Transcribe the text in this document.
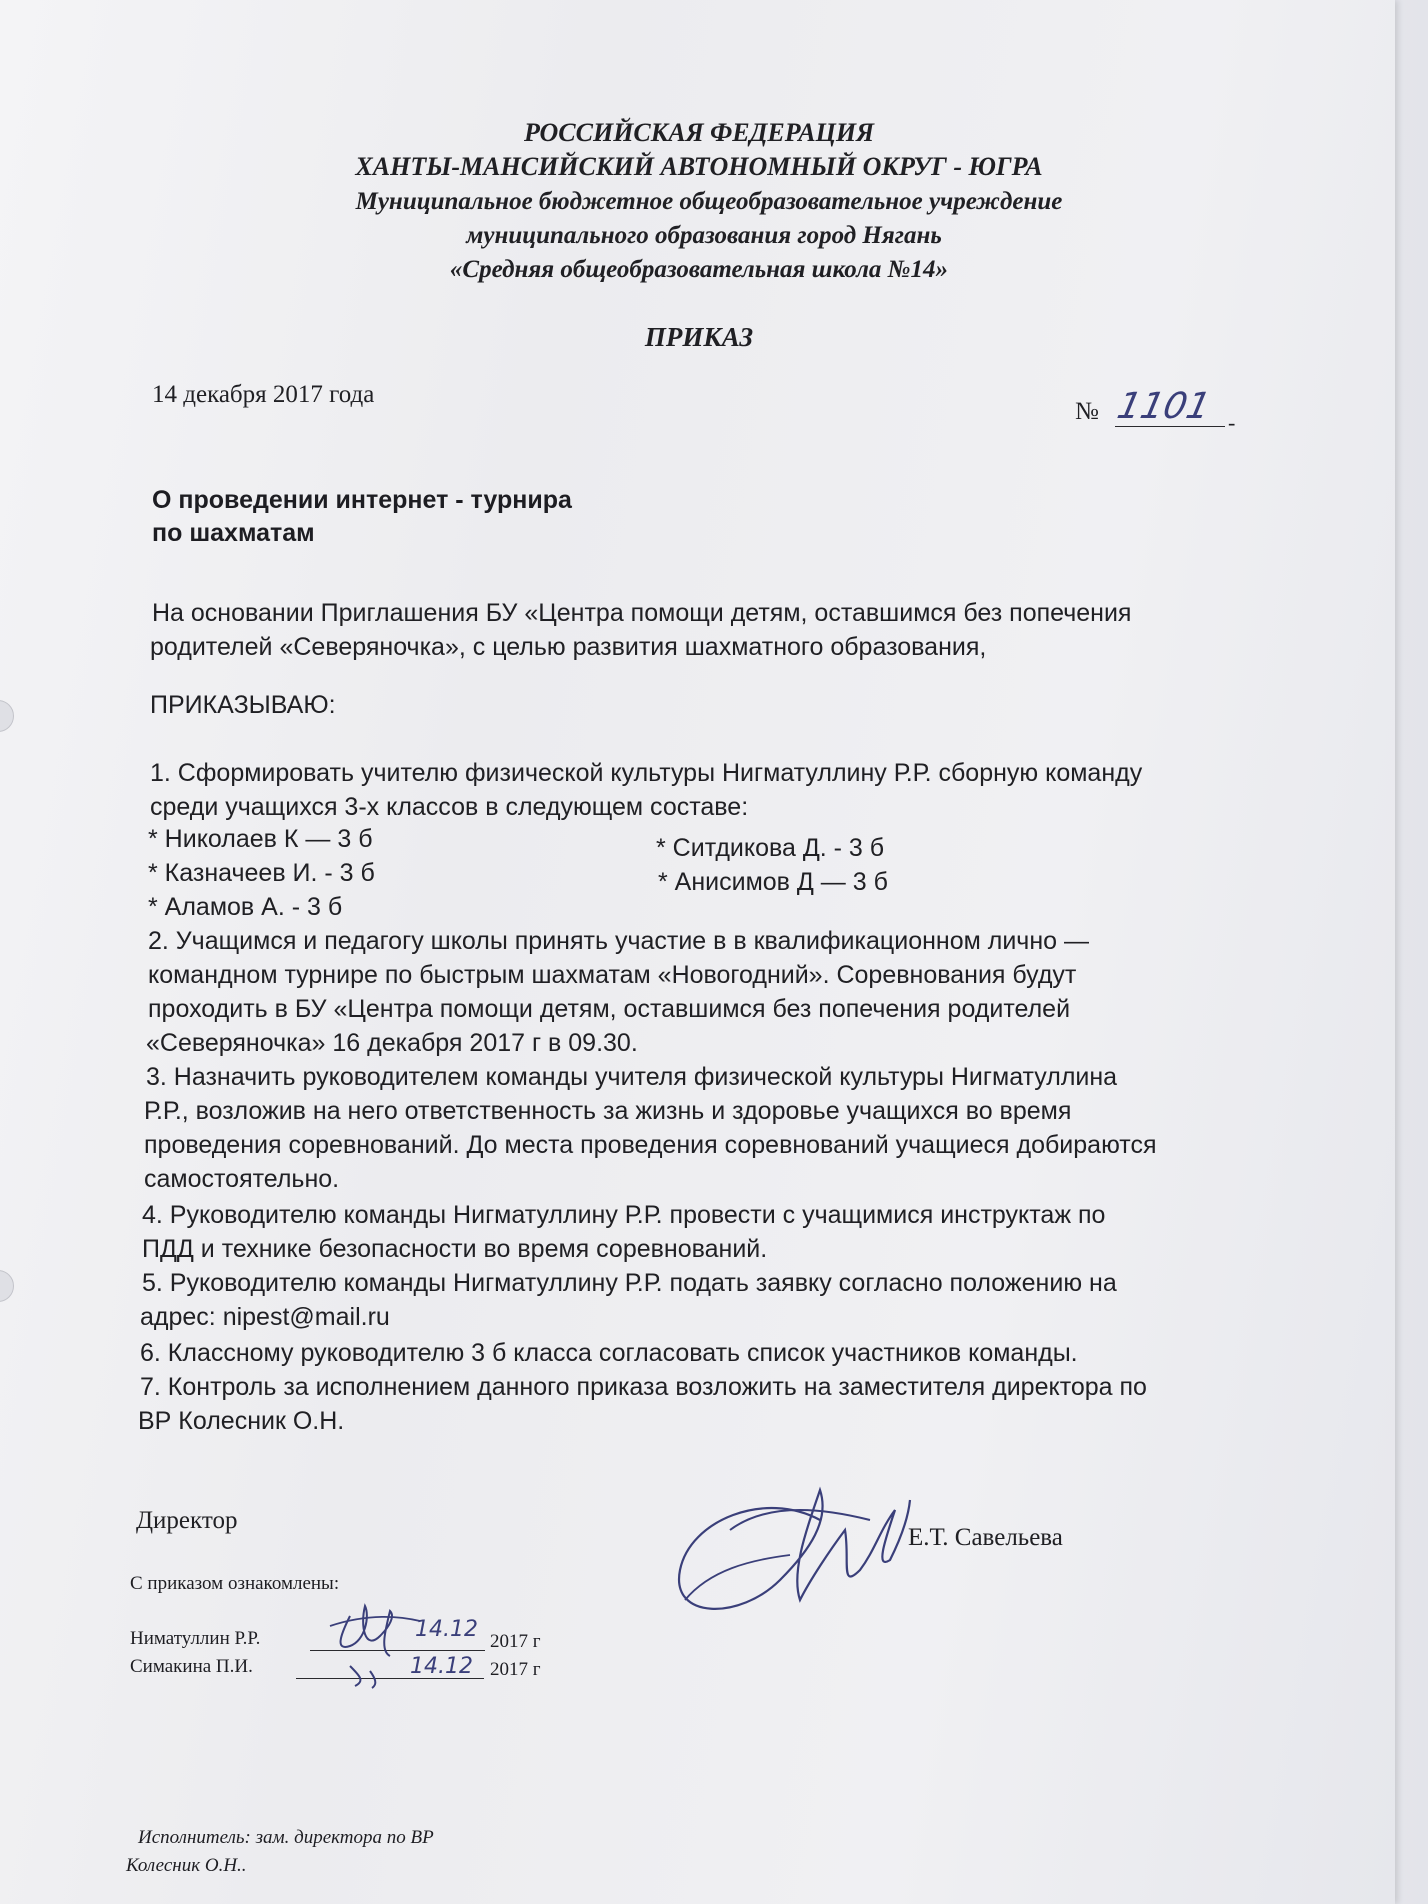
РОССИЙСКАЯ ФЕДЕРАЦИЯ
ХАНТЫ-МАНСИЙСКИЙ АВТОНОМНЫЙ ОКРУГ - ЮГРА
Муниципальное бюджетное общеобразовательное учреждение
муниципального образования город Нягань
«Средняя общеобразовательная школа №14»
ПРИКАЗ
14 декабря 2017 года
№ 1101 -
О проведении интернет - турнира
по шахматам
На основании Приглашения БУ «Центра помощи детям, оставшимся без попечения
родителей «Северяночка», с целью развития шахматного образования,
ПРИКАЗЫВАЮ:
1. Сформировать учителю физической культуры Нигматуллину Р.Р. сборную команду
среди учащихся 3-х классов в следующем составе:
* Николаев К — 3 б
* Казначеев И. - 3 б
* Аламов А. - 3 б
* Ситдикова Д. - 3 б
* Анисимов Д — 3 б
2. Учащимся и педагогу школы принять участие в в квалификационном лично —
командном турнире по быстрым шахматам «Новогодний». Соревнования будут
проходить в БУ «Центра помощи детям, оставшимся без попечения родителей
«Северяночка» 16 декабря 2017 г в 09.30.
3. Назначить руководителем команды учителя физической культуры Нигматуллина
Р.Р., возложив на него ответственность за жизнь и здоровье учащихся во время
проведения соревнований. До места проведения соревнований учащиеся добираются
самостоятельно.
4. Руководителю команды Нигматуллину Р.Р. провести с учащимися инструктаж по
ПДД и технике безопасности во время соревнований.
5. Руководителю команды Нигматуллину Р.Р. подать заявку согласно положению на
адрес: nipest@mail.ru
6. Классному руководителю 3 б класса согласовать список участников команды.
7. Контроль за исполнением данного приказа возложить на заместителя директора по
ВР Колесник О.Н.
Директор
Е.Т. Савельева
С приказом ознакомлены:
Ниматуллин Р.Р.	14.12 2017 г
Симакина П.И.	14.12 2017 г
Исполнитель: зам. директора по ВР
Колесник О.Н..
